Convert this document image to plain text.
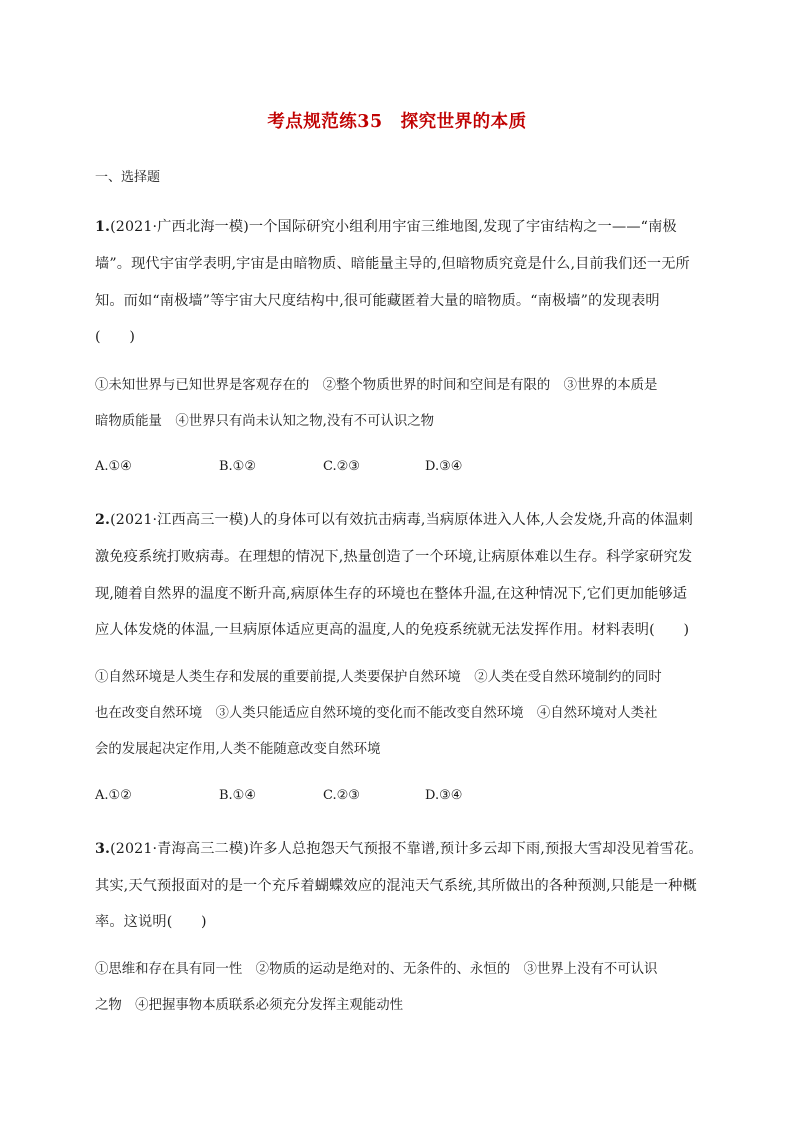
考点规范练35　探究世界的本质
一、选择题
1.(2021·广西北海一模)一个国际研究小组利用宇宙三维地图,发现了宇宙结构之一——“南极
墙”。现代宇宙学表明,宇宙是由暗物质、暗能量主导的,但暗物质究竟是什么,目前我们还一无所
知。而如“南极墙”等宇宙大尺度结构中,很可能藏匿着大量的暗物质。“南极墙”的发现表明
(　　)
①未知世界与已知世界是客观存在的　②整个物质世界的时间和空间是有限的　③世界的本质是
暗物质能量　④世界只有尚未认知之物,没有不可认识之物
A.①④	B.①②	C.②③	D.③④
2.(2021·江西高三一模)人的身体可以有效抗击病毒,当病原体进入人体,人会发烧,升高的体温刺
激免疫系统打败病毒。在理想的情况下,热量创造了一个环境,让病原体难以生存。科学家研究发
现,随着自然界的温度不断升高,病原体生存的环境也在整体升温,在这种情况下,它们更加能够适
应人体发烧的体温,一旦病原体适应更高的温度,人的免疫系统就无法发挥作用。材料表明(　　)
①自然环境是人类生存和发展的重要前提,人类要保护自然环境　②人类在受自然环境制约的同时
也在改变自然环境　③人类只能适应自然环境的变化而不能改变自然环境　④自然环境对人类社
会的发展起决定作用,人类不能随意改变自然环境
A.①②	B.①④	C.②③	D.③④
3.(2021·青海高三二模)许多人总抱怨天气预报不靠谱,预计多云却下雨,预报大雪却没见着雪花。
其实,天气预报面对的是一个充斥着蝴蝶效应的混沌天气系统,其所做出的各种预测,只能是一种概
率。这说明(　　)
①思维和存在具有同一性　②物质的运动是绝对的、无条件的、永恒的　③世界上没有不可认识
之物　④把握事物本质联系必须充分发挥主观能动性
